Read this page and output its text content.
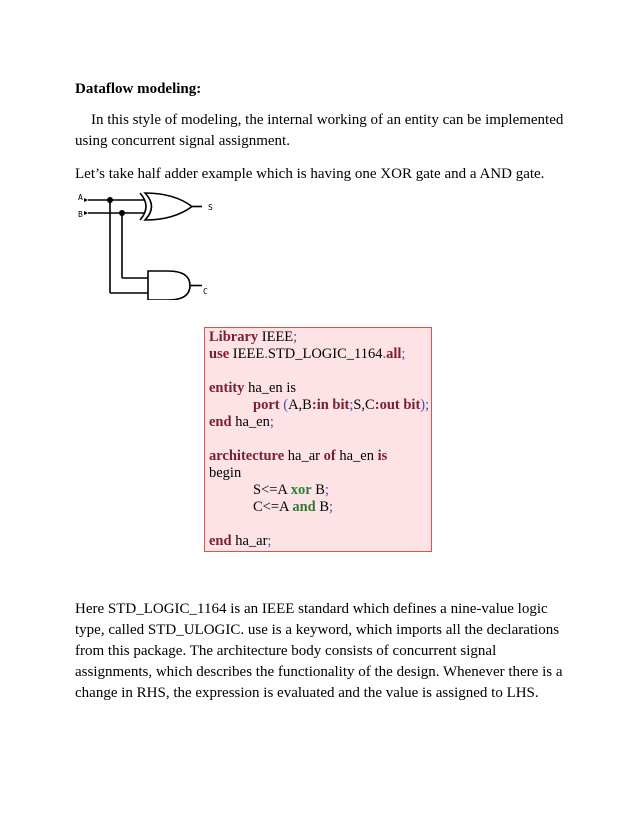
Dataflow modeling:
In this style of modeling, the internal working of an entity can be implemented using concurrent signal assignment.
Let’s take half adder example which is having one XOR gate and a AND gate.
A
B
S
C
Library IEEE;
use IEEE.STD_LOGIC_1164.all;
entity ha_en is
port (A,B:in bit;S,C:out bit);
end ha_en;
architecture ha_ar of ha_en is
begin
S<=A xor B;
C<=A and B;
end ha_ar;
Here STD_LOGIC_1164 is an IEEE standard which defines a nine-value logic type, called STD_ULOGIC. use is a keyword, which imports all the declarations from this package. The architecture body consists of concurrent signal assignments, which describes the functionality of the design. Whenever there is a change in RHS, the expression is evaluated and the value is assigned to LHS.
